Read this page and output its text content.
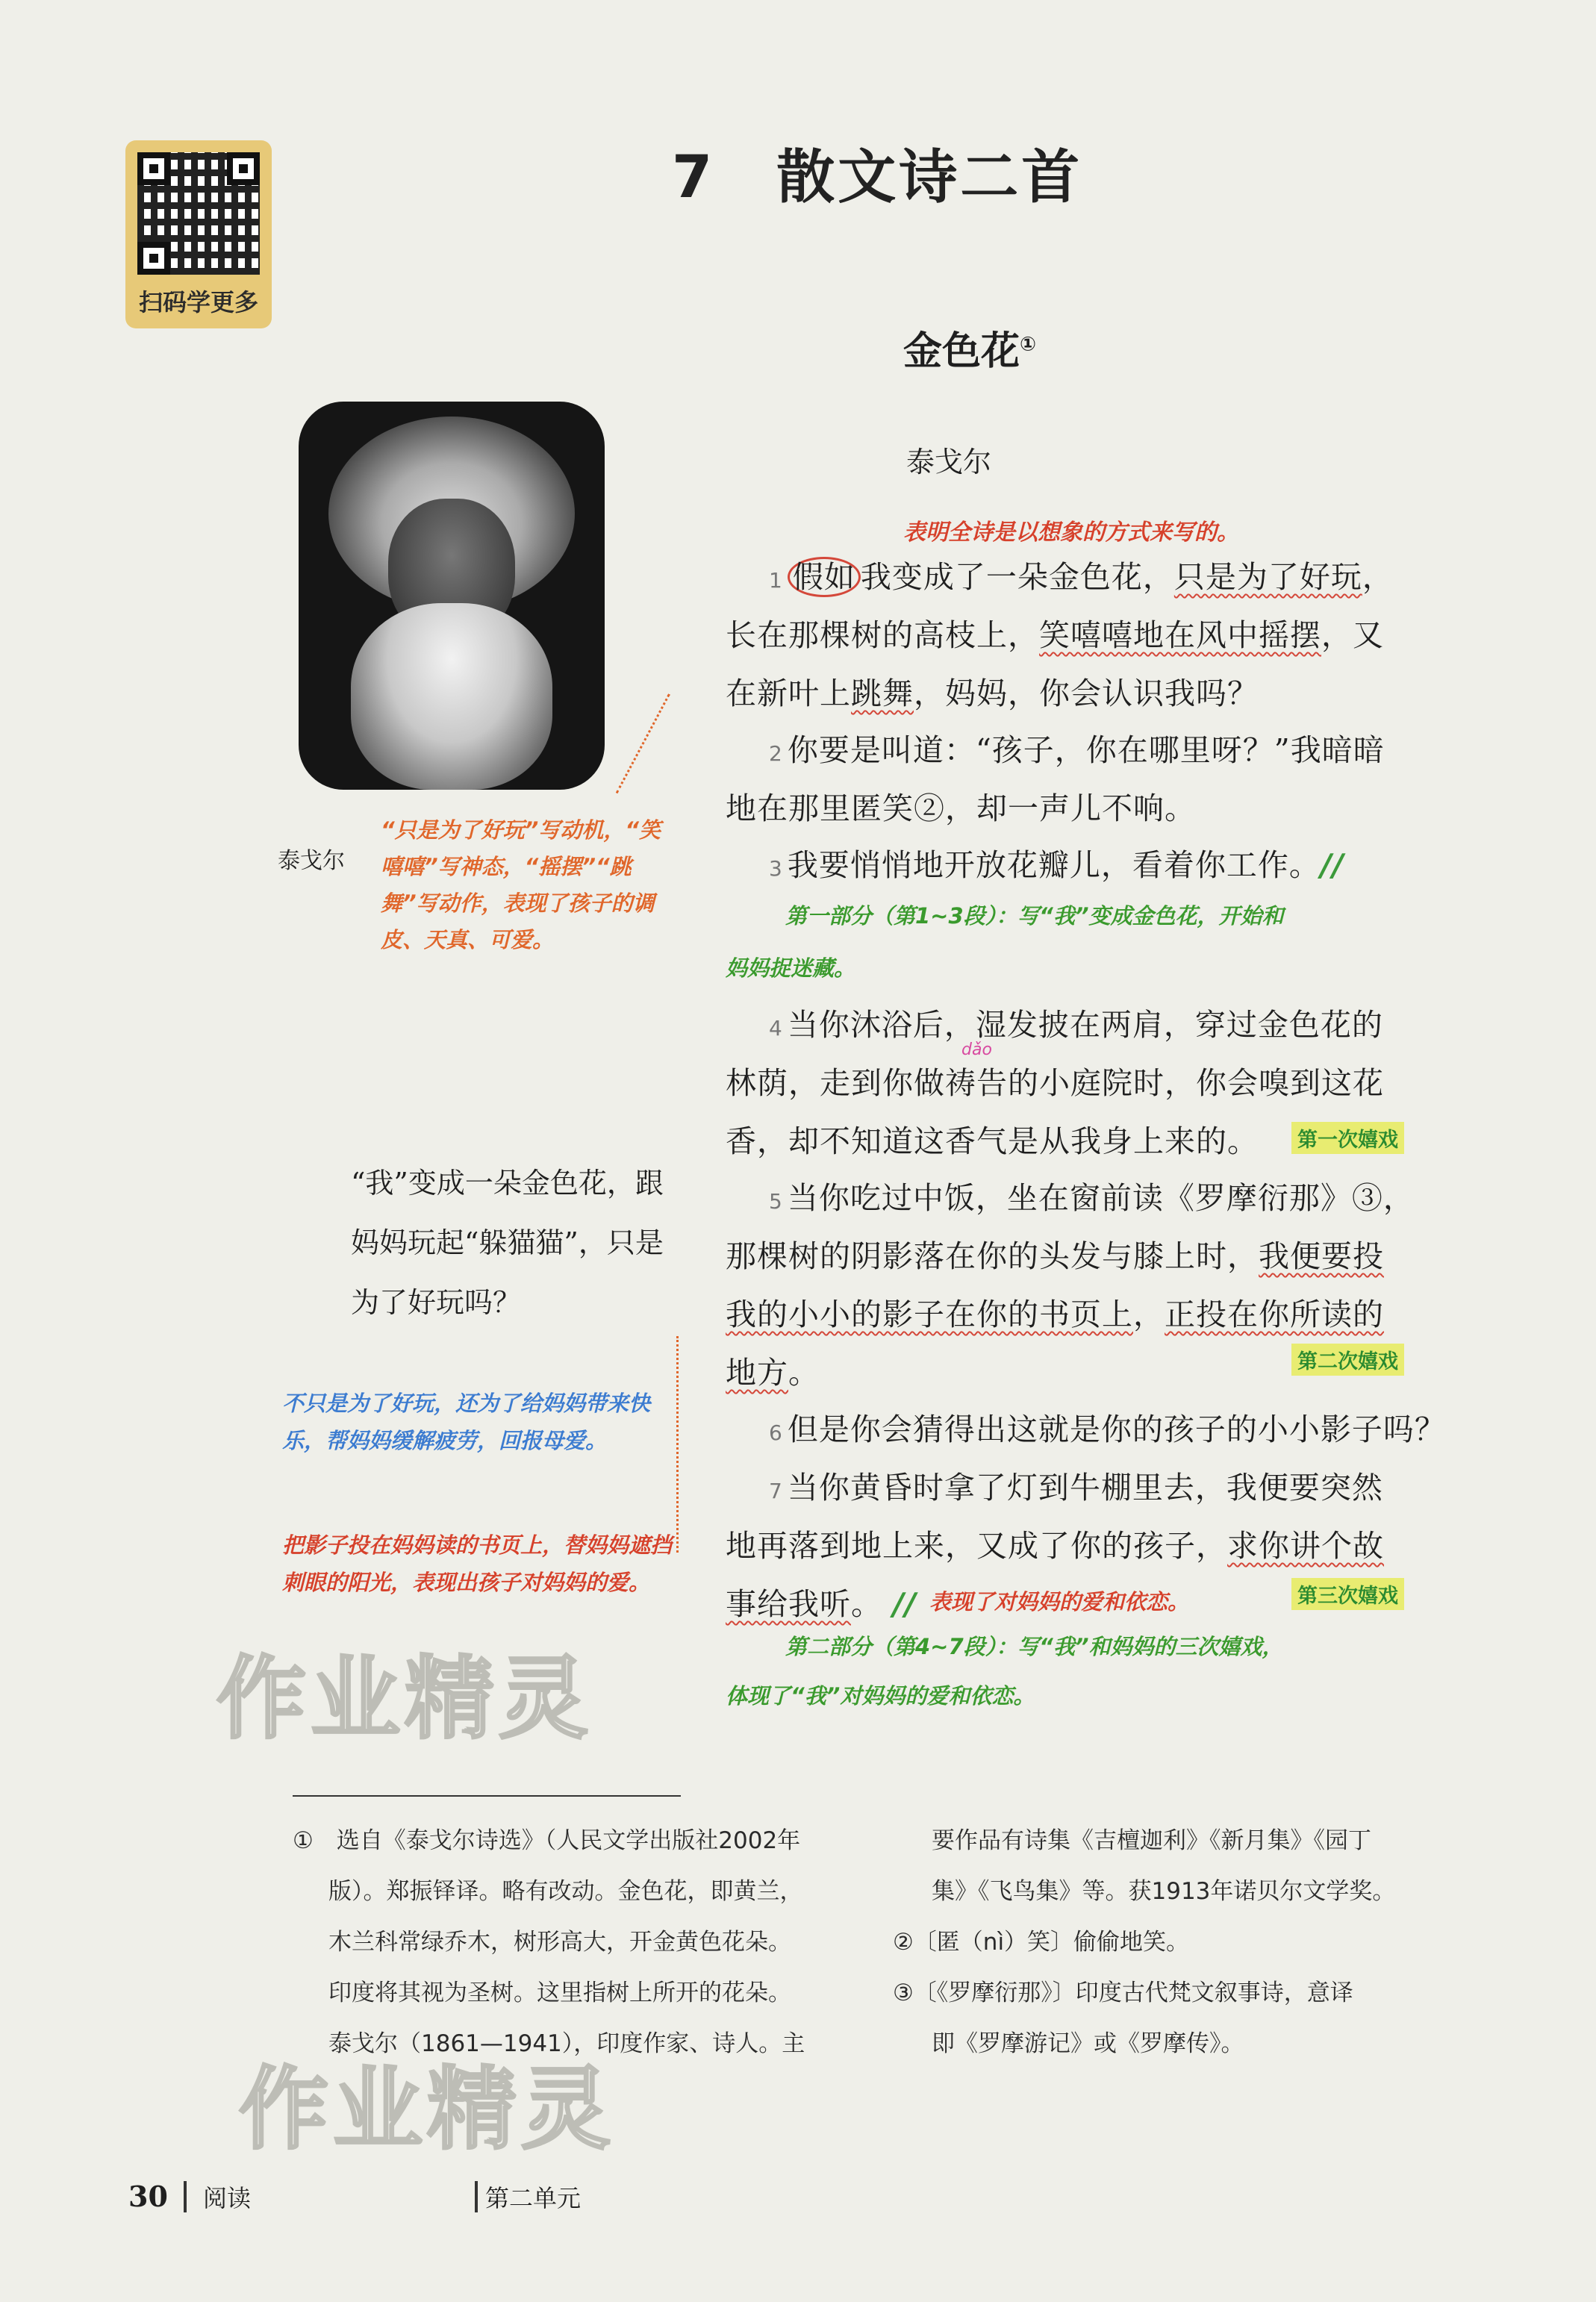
扫码学更多
7　散文诗二首
金色花①
泰戈尔
泰戈尔
表明全诗是以想象的方式来写的。
“只是为了好玩”写动机，“笑嘻嘻”写神态，“摇摆”“跳舞”写动作，表现了孩子的调皮、天真、可爱。
1 假如 我变成了一朵金色花，只是为了好玩，
长在那棵树的高枝上，笑嘻嘻地在风中摇摆，又
在新叶上跳舞，妈妈，你会认识我吗？
2 你要是叫道：“孩子，你在哪里呀？”我暗暗
地在那里匿笑②，却一声儿不响。
3 我要悄悄地开放花瓣儿，看着你工作。//
第一部分（第1~3段）：写“我”变成金色花，开始和
妈妈捉迷藏。
4 当你沐浴后，湿发披在两肩，穿过金色花的
dǎo
林荫，走到你做祷告的小庭院时，你会嗅到这花
香，却不知道这香气是从我身上来的。 第一次嬉戏
5 当你吃过中饭，坐在窗前读《罗摩衍那》③，
那棵树的阴影落在你的头发与膝上时，我便要投
我的小小的影子在你的书页上，正投在你所读的
地方。	第二次嬉戏
6 但是你会猜得出这就是你的孩子的小小影子吗？
7 当你黄昏时拿了灯到牛棚里去，我便要突然
地再落到地上来，又成了你的孩子，求你讲个故
事给我听。 // 表现了对妈妈的爱和依恋。	第三次嬉戏
第二部分（第4~7段）：写“我”和妈妈的三次嬉戏，
体现了“我”对妈妈的爱和依恋。
“我”变成一朵金色花，跟妈妈玩起“躲猫猫”，只是为了好玩吗？
不只是为了好玩，还为了给妈妈带来快乐，帮妈妈缓解疲劳，回报母爱。
把影子投在妈妈读的书页上，替妈妈遮挡刺眼的阳光，表现出孩子对妈妈的爱。
作业精灵
作业精灵
①　选自《泰戈尔诗选》（人民文学出版社2002年
版）。郑振铎译。略有改动。金色花，即黄兰，
木兰科常绿乔木，树形高大，开金黄色花朵。
印度将其视为圣树。这里指树上所开的花朵。
泰戈尔（1861—1941），印度作家、诗人。主
要作品有诗集《吉檀迦利》《新月集》《园丁
集》《飞鸟集》等。获1913年诺贝尔文学奖。
②〔匿（nì）笑〕偷偷地笑。
③〔《罗摩衍那》〕印度古代梵文叙事诗，意译
即《罗摩游记》或《罗摩传》。
30 阅读	第二单元
